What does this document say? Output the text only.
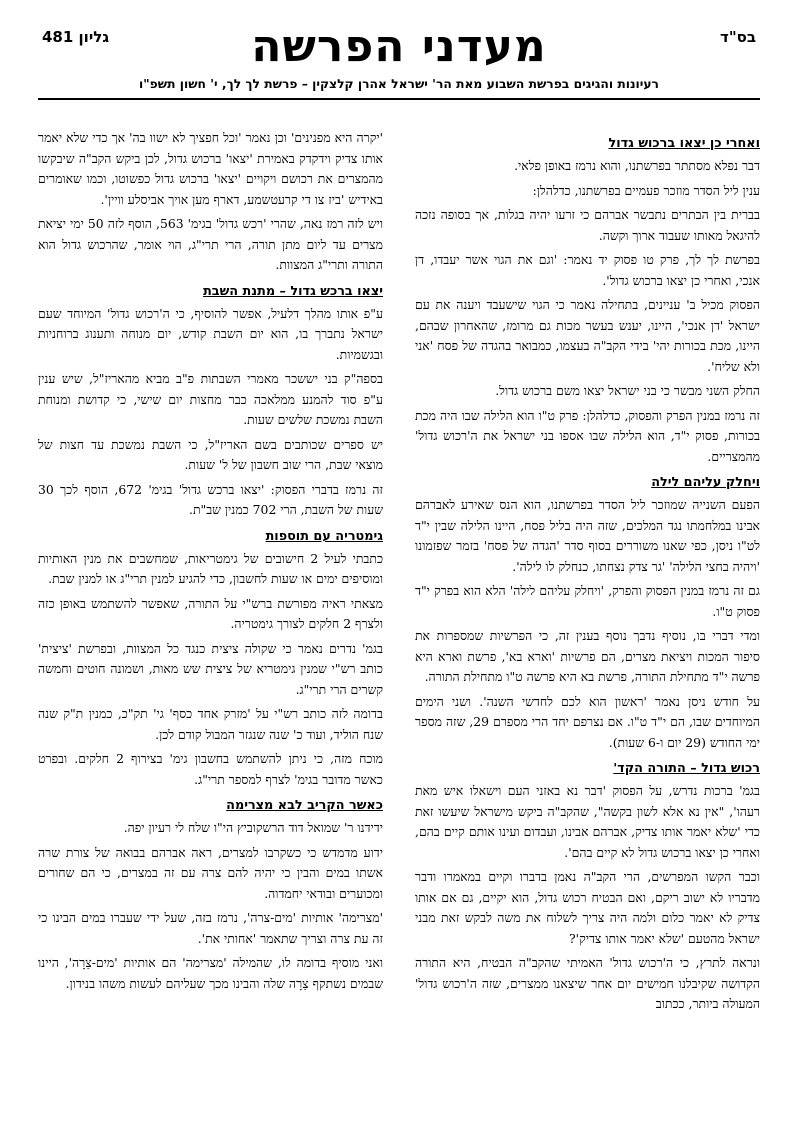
בס"ד
גליון 481	מעדני הפרשה

רעיונות והגיגים בפרשת השבוע מאת הר' ישראל אהרן קלצקין – פרשת לך לך, י' חשון תשפ"ו

ואחרי כן יצאו ברכוש גדול

דבר נפלא מסתתר בפרשתנו, והוא נרמז באופן פלאי.

ענין ליל הסדר מוזכר פעמיים בפרשתנו, כדלהלן:

בברית בין הבתרים נתבשר אברהם כי זרעו יהיה בגלות, אך בסופה נזכה להיגאל מאותו שעבוד ארוך וקשה.

בפרשת לך לך, פרק טו פסוק יד נאמר: 'וגם את הגוי אשר יעבדו, דן אנכי, ואחרי כן יצאו ברכוש גדול'.

הפסוק מכיל ב' עניינים, בתחילה נאמר כי הגוי שישעבד ויענה את עם ישראל 'דן אנכי', היינו, יענש בעשר מכות גם מרומז, שהאחרון שבהם, היינו, מכת בכורות יהי' בידי הקב"ה בעצמו, כמבואר בהגדה של פסח 'אני ולא שליח'.

החלק השני מבשר כי בני ישראל יצאו משם ברכוש גדול.

זה נרמז במנין הפרק והפסוק, כדלהלן: פרק ט"ו הוא הלילה שבו היה מכת בכורות, פסוק י"ד, הוא הלילה שבו אספו בני ישראל את ה'רכוש גדול' מהמצריים.

ויחלק עליהם לילה

הפעם השנייה שמוזכר ליל הסדר בפרשתנו, הוא הנס שאירע לאברהם אבינו במלחמתו נגד המלכים, שזה היה בליל פסח, היינו הלילה שבין י"ד לט"ו ניסן, כפי שאנו משוררים בסוף סדר 'הגדה של פסח' בזמר שפזמונו 'ויהיה בחצי הלילה' 'גר צדק נצחתו, כנחלק לו לילה'.

גם זה נרמז במנין הפסוק והפרק, 'ויחלק עליהם לילה' הלא הוא בפרק י"ד פסוק ט"ו.

ומדי דברי בו, נוסיף נדבך נוסף בענין זה, כי הפרשיות שמספרות את סיפור המכות ויציאת מצרים, הם פרשיות 'וארא בא', פרשת וארא היא פרשה י"ד מתחילת התורה, פרשת בא היא פרשה ט"ו מתחילת התורה.

על חודש ניסן נאמר 'ראשון הוא לכם לחדשי השנה'. ושני הימים המיוחדים שבו, הם י"ד ט"ו. אם נצרפם יחד הרי מספרם 29, שזה מספר ימי החודש (29 יום ו-6 שעות).

רכוש גדול – התורה הקד'

בגמ' ברכות נדרש, על הפסוק 'דבר נא באזני העם וישאלו איש מאת רעהו', "אין נא אלא לשון בקשה", שהקב"ה ביקש מישראל שיעשו זאת כדי 'שלא יאמר אותו צדיק, אברהם אבינו, ועבדום ועינו אותם קיים בהם, ואחרי כן יצאו ברכוש גדול לא קיים בהם'.

וכבר הקשו המפרשים, הרי הקב"ה נאמן בדברו וקיים במאמרו ודבר מדבריו לא ישוב ריקם, ואם הבטיח רכוש גדול, הוא יקיים, גם אם אותו צדיק לא יאמר כלום ולמה היה צריך לשלוח את משה לבקש זאת מבני ישראל מהטעם 'שלא יאמר אותו צדיק'?

ונראה לתרץ, כי ה'רכוש גדול' האמיתי שהקב"ה הבטיח, היא התורה הקדושה שקיבלנו חמישים יום אחר שיצאנו ממצרים, שזה ה'רכוש גדול' המעולה ביותר, ככתוב

'יקרה היא מפנינים' וכן נאמר 'וכל חפציך לא ישוו בה' אך כדי שלא יאמר אותו צדיק וידקדק באמירת 'יצאו' ברכוש גדול, לכן ביקש הקב"ה שיבקשו מהמצרים את רכושם ויקויים 'יצאו' ברכוש גדול כפשוטו, וכמו שאומרים באידיש 'ביז צו די קרעטשמע, דארף מען אויך אביסלע וויין'.

ויש לזה רמז נאה, שהרי 'רכש גדול' בגימ' 563, הוסף לזה 50 ימי יציאת מצרים עד ליום מתן תורה, הרי תרי"ג, הוי אומר, שהרכוש גדול הוא התורה ותרי"ג המצוות.

יצאו ברכש גדול – מתנת השבת

ע"פ אותו מהלך דלעיל, אפשר להוסיף, כי ה'רכוש גדול' המיוחד שעם ישראל נתברך בו, הוא יום השבת קודש, יום מנוחה ותענוג ברוחניות ובגשמיות.

בספה"ק בני יששכר מאמרי השבתות פ"ב מביא מהאריז"ל, שיש ענין ע"פ סוד להמנע ממלאכה כבר מחצות יום שישי, כי קדושת ומנוחת השבת נמשכת שלשים שעות.

יש ספרים שכותבים בשם האריז"ל, כי השבת נמשכת עד חצות של מוצאי שבת, הרי שוב חשבון של ל' שעות.

זה נרמז בדברי הפסוק: 'יצאו ברכש גדול' בגימ' 672, הוסף לכך 30 שעות של השבת, הרי 702 כמנין שב"ת.

גימטריה עם תוספות

כתבתי לעיל 2 חישובים של גימטריאות, שמחשבים את מנין האותיות ומוסיפים ימים או שעות לחשבון, כדי להגיע למנין תרי"ג או למנין שבת.

מצאתי ראיה מפורשת ברש"י על התורה, שאפשר להשתמש באופן כזה ולצרף 2 חלקים לצורך גימטריה.

בגמ' נדרים נאמר כי שקולה ציצית כנגד כל המצוות, ובפרשת 'ציצית' כותב רש"י שמנין גימטריא של ציצית שש מאות, ושמונה חוטים וחמשה קשרים הרי תרי"ג.

בדומה לזה כותב רש"י על 'מזרק אחד כסף' גי' תק"כ, כמנין ת"ק שנה שנח הוליד, ועוד כ' שנה שנגזר המבול קודם לכן.

מוכח מזה, כי ניתן להשתמש בחשבון גימ' בצירוף 2 חלקים. ובפרט כאשר מדובר בגימ' לצרף למספר תרי"ג.

כאשר הקריב לבא מצרימה

ידידנו ר' שמואל דוד הרשקוביץ הי"ו שלח לי רעיון יפה.

ידוע מדמדש כי כשקרבו למצרים, ראה אברהם בבואה של צורת שרה אשתו במים והבין כי יהיה להם צרה עם זה במצרים, כי הם שחורים ומכוערים ובודאי יחמדוה.

'מצרימה' אותיות 'מים-צרה', נרמז בזה, שעל ידי שעברו במים הבינו כי זה עת צרה וצריך שתאמר 'אחותי את'.

ואני מוסיף בדומה לו, שהמילה 'מצרימה' הם אותיות 'מים-צַרָה', היינו שבמים נשתקף צַרָה שלה והבינו מכך שעליהם לעשות משהו בנידון.
